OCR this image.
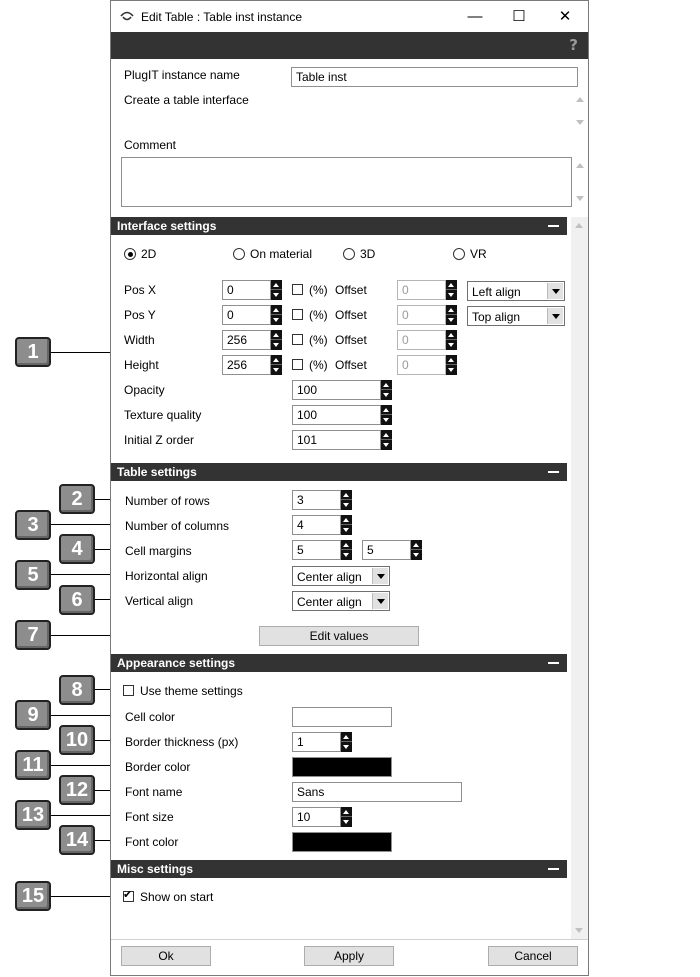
1
2
3
4
5
6
7
8
9
10
11
12
13
14
15
Edit Table : Table inst instance	—	☐	✕
?
PlugIT instance name	Table inst
Create a table interface
Comment
Interface settings
2D	On material	3D	VR
Pos X	0	(%) Offset	0	Left align
Pos Y	0	(%) Offset	0	Top align
Width	256	(%) Offset	0
Height	256	(%) Offset	0
Opacity	100
Texture quality	100
Initial Z order	101
Table settings
Number of rows	3
Number of columns	4
Cell margins	5	5
Horizontal align	Center align
Vertical align	Center align
Edit values
Appearance settings
Use theme settings
Cell color
Border thickness (px)	1
Border color
Font name	Sans
Font size	10
Font color
Misc settings
✔ Show on start
Ok	Apply	Cancel
